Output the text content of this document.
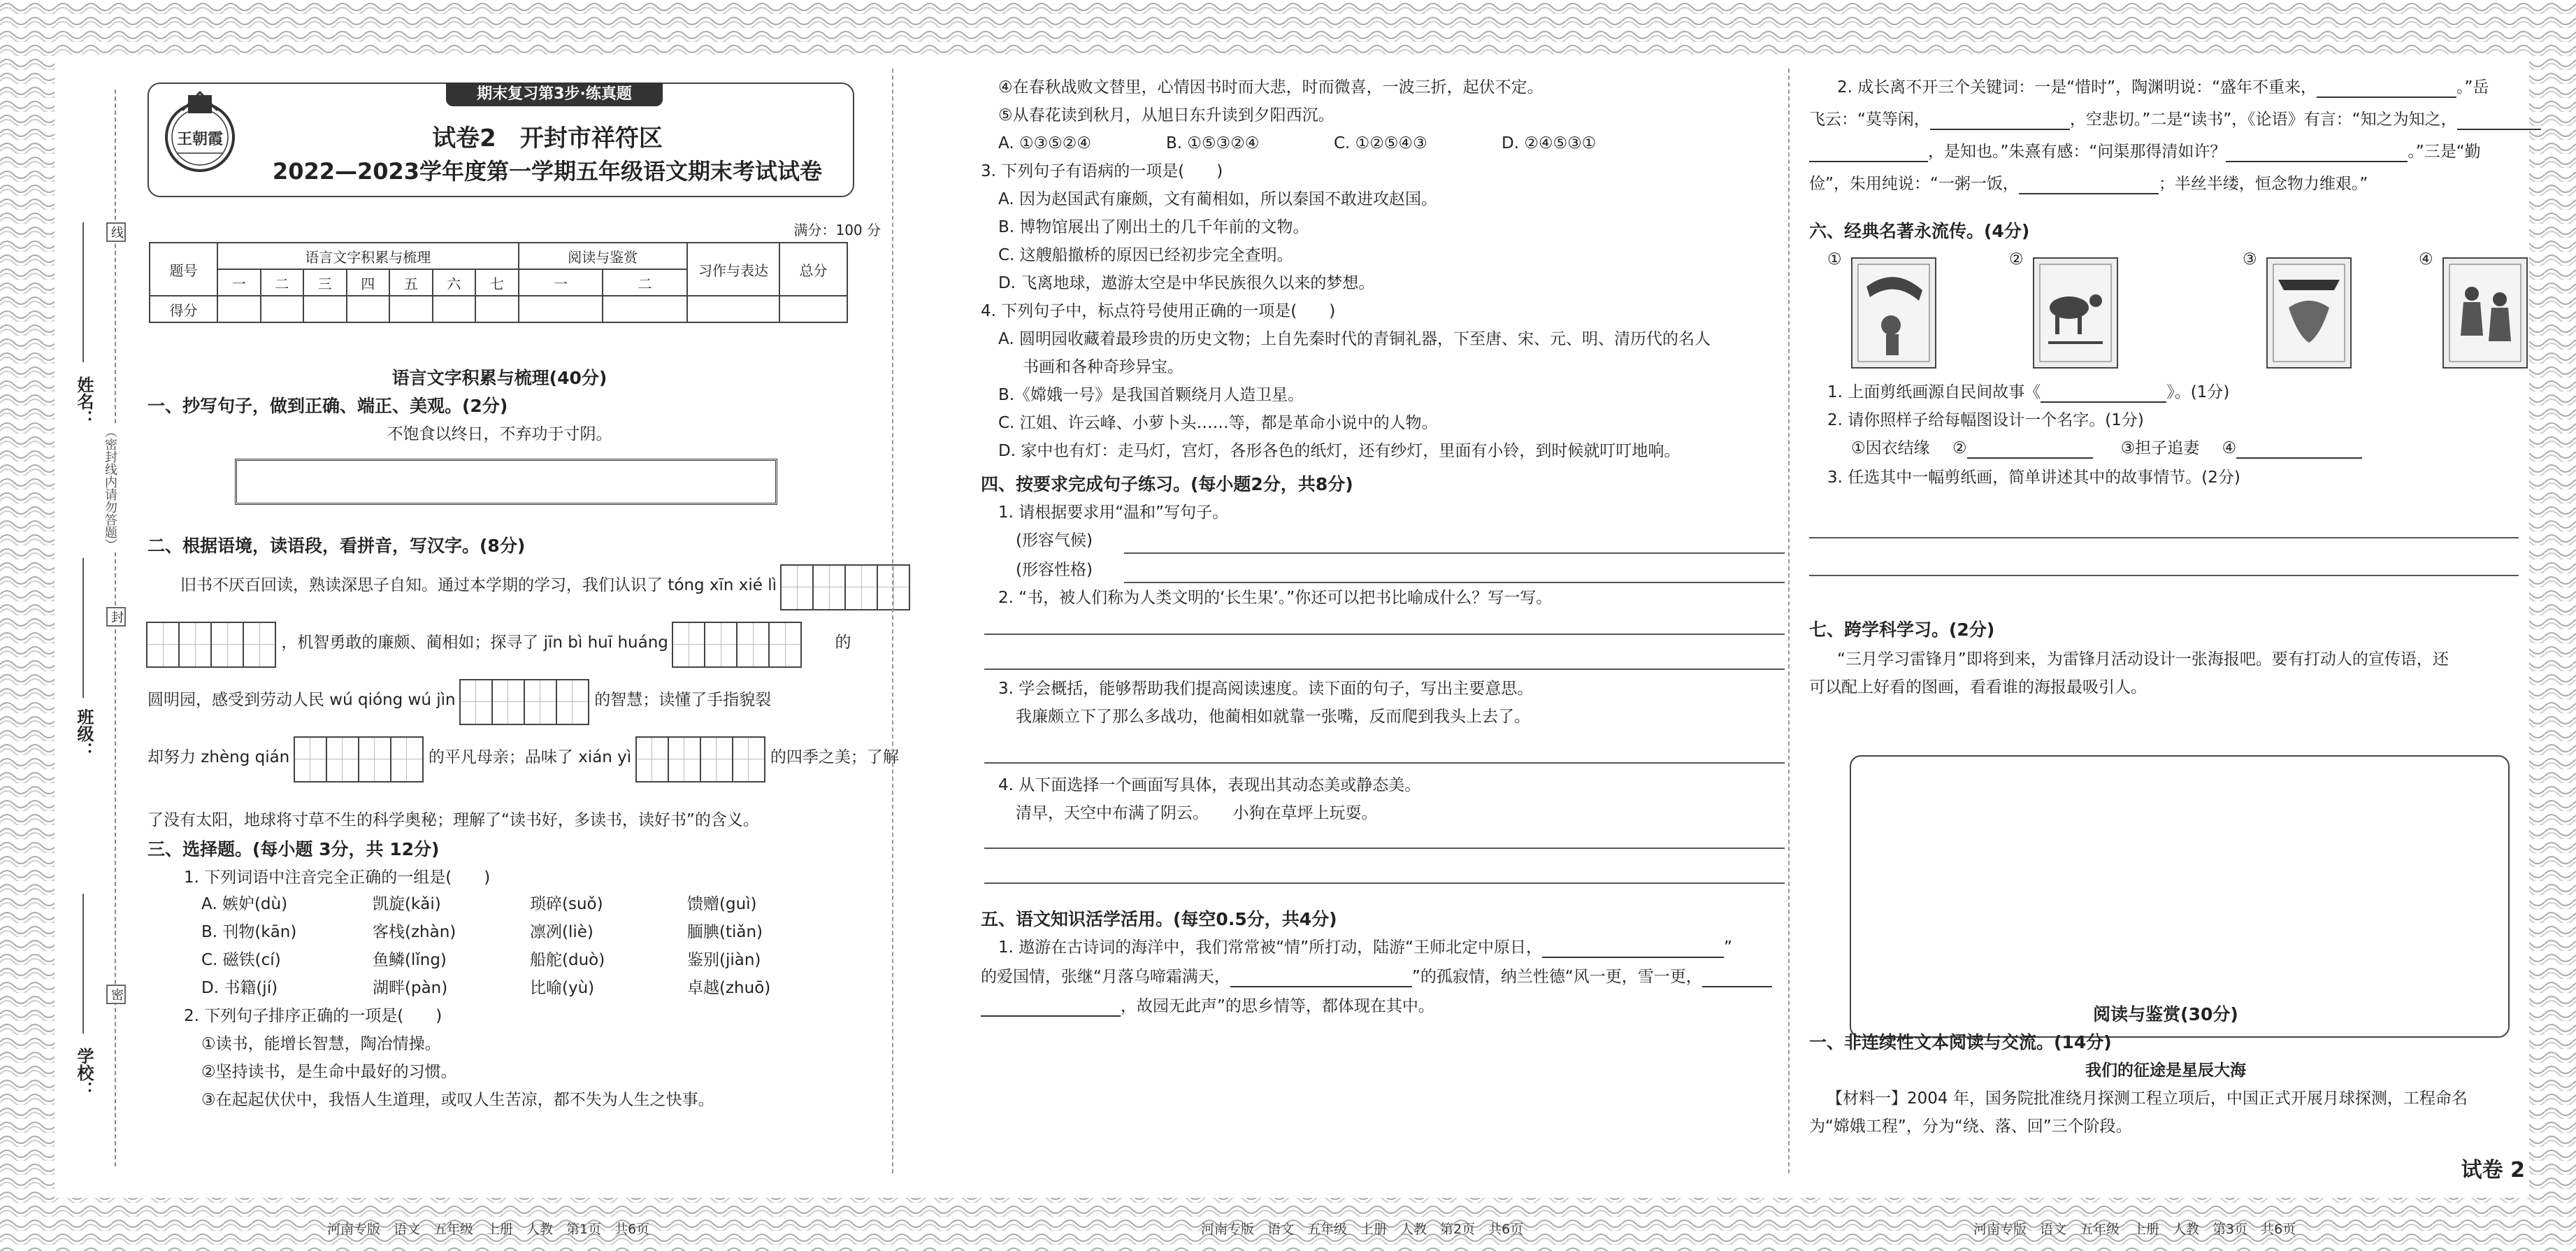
姓名：
班级：
学校：
线
封
密
（密封线内请勿答题）
王朝霞
期末复习第3步·练真题
试卷2　开封市祥符区
2022—2023学年度第一学期五年级语文期末考试试卷
满分：100 分
题号	语言文字积累与梳理							阅读与鉴赏		习作与表达	总分
	一	二	三	四	五	六	七	一	二		
得分											
语言文字积累与梳理(40分)
一、抄写句子，做到正确、端正、美观。(2分)
不饱食以终日，不弃功于寸阴。
二、根据语境，读语段，看拼音，写汉字。(8分)
旧书不厌百回读，熟读深思子自知。通过本学期的学习，我们认识了 tóng xīn xié lì
，机智勇敢的廉颇、蔺相如；探寻了 jīn bì huī huáng	的
圆明园，感受到劳动人民 wú qióng wú jìn	的智慧；读懂了手指貌裂
却努力 zhèng qián	的平凡母亲；品味了 xián yì	的四季之美；了解
了没有太阳，地球将寸草不生的科学奥秘；理解了“读书好，多读书，读好书”的含义。
三、选择题。(每小题 3分，共 12分)
1. 下列词语中注音完全正确的一组是(　　)
A. 嫉妒(dù)	凯旋(kǎi)	琐碎(suǒ)	馈赠(guì)
B. 刊物(kān)	客栈(zhàn)	凛冽(liè)	腼腆(tiǎn)
C. 磁铁(cí)	鱼鳞(lǐng)	船舵(duò)	鉴别(jiàn)
D. 书籍(jí)	湖畔(pàn)	比喻(yù)	卓越(zhuō)
2. 下列句子排序正确的一项是(　　)
①读书，能增长智慧，陶冶情操。
②坚持读书，是生命中最好的习惯。
③在起起伏伏中，我悟人生道理，或叹人生苦凉，都不失为人生之快事。
河南专版　语文　五年级　上册　人教　第1页　共6页
④在春秋战败文替里，心情因书时而大悲，时而微喜，一波三折，起伏不定。
⑤从春花读到秋月，从旭日东升读到夕阳西沉。
A. ①③⑤②④	B. ①⑤③②④	C. ①②⑤④③	D. ②④⑤③①
3. 下列句子有语病的一项是(　　)
A. 因为赵国武有廉颇，文有蔺相如，所以秦国不敢进攻赵国。
B. 博物馆展出了刚出土的几千年前的文物。
C. 这艘船撤桥的原因已经初步完全查明。
D. 飞离地球，遨游太空是中华民族很久以来的梦想。
4. 下列句子中，标点符号使用正确的一项是(　　)
A. 圆明园收藏着最珍贵的历史文物；上自先秦时代的青铜礼器，下至唐、宋、元、明、清历代的名人
书画和各种奇珍异宝。
B.《嫦娥一号》是我国首颗绕月人造卫星。
C. 江姐、许云峰、小萝卜头……等，都是革命小说中的人物。
D. 家中也有灯：走马灯，宫灯，各形各色的纸灯，还有纱灯，里面有小铃，到时候就叮叮地响。
四、按要求完成句子练习。(每小题2分，共8分)
1. 请根据要求用“温和”写句子。
(形容气候)
(形容性格)
2. “书，被人们称为人类文明的‘长生果’。”你还可以把书比喻成什么？写一写。
3. 学会概括，能够帮助我们提高阅读速度。读下面的句子，写出主要意思。
我廉颇立下了那么多战功，他蔺相如就靠一张嘴，反而爬到我头上去了。
4. 从下面选择一个画面写具体，表现出其动态美或静态美。
清早，天空中布满了阴云。　　小狗在草坪上玩耍。
五、语文知识活学活用。(每空0.5分，共4分)
1. 遨游在古诗词的海洋中，我们常常被“情”所打动，陆游“王师北定中原日，	”
的爱国情，张继“月落乌啼霜满天，	”的孤寂情，纳兰性德“风一更，雪一更，
，故园无此声”的思乡情等，都体现在其中。
河南专版　语文　五年级　上册　人教　第2页　共6页
2. 成长离不开三个关键词：一是“惜时”，陶渊明说：“盛年不重来，	。”岳
飞云：“莫等闲，	，空悲切。”二是“读书”，《论语》有言：“知之为知之，
，是知也。”朱熹有感：“问渠那得清如许？	。”三是“勤
俭”，朱用纯说：“一粥一饭，	；半丝半缕，恒念物力维艰。”
六、经典名著永流传。(4分)
①	②	③	④
1. 上面剪纸画源自民间故事《	》。(1分)
2. 请你照样子给每幅图设计一个名字。(1分)
①因衣结缘 ②	③担子追妻 ④
3. 任选其中一幅剪纸画，简单讲述其中的故事情节。(2分)
七、跨学科学习。(2分)
“三月学习雷锋月”即将到来，为雷锋月活动设计一张海报吧。要有打动人的宣传语，还
可以配上好看的图画，看看谁的海报最吸引人。
阅读与鉴赏(30分)
一、非连续性文本阅读与交流。(14分)
我们的征途是星辰大海
【材料一】2004 年，国务院批准绕月探测工程立项后，中国正式开展月球探测，工程命名
为“嫦娥工程”，分为“绕、落、回”三个阶段。
河南专版　语文　五年级　上册　人教　第3页　共6页
试卷 2
